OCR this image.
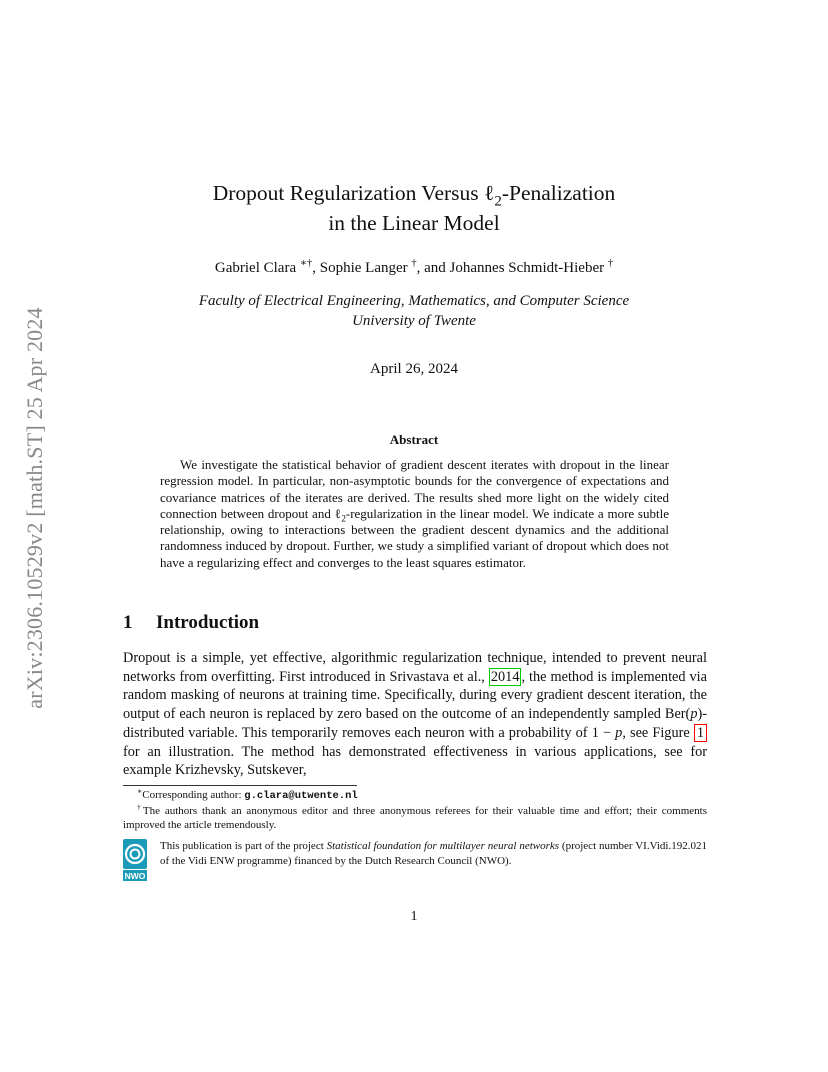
arXiv:2306.10529v2 [math.ST] 25 Apr 2024
Dropout Regularization Versus ℓ$_2$-Penalization
in the Linear Model
Gabriel Clara ∗†, Sophie Langer †, and Johannes Schmidt-Hieber †
Faculty of Electrical Engineering, Mathematics, and Computer Science
University of Twente
April 26, 2024
Abstract
We investigate the statistical behavior of gradient descent iterates with dropout in the linear regression model. In particular, non-asymptotic bounds for the convergence of expectations and covariance matrices of the iterates are derived. The results shed more light on the widely cited connection between dropout and ℓ$_2$-regularization in the linear model. We indicate a more subtle relationship, owing to interactions between the gradient descent dynamics and the additional randomness induced by dropout. Further, we study a simplified variant of dropout which does not have a regularizing effect and converges to the least squares estimator.
1 Introduction
Dropout is a simple, yet effective, algorithmic regularization technique, intended to prevent neural networks from overfitting. First introduced in Srivastava et al., 2014 , the method is implemented via random masking of neurons at training time. Specifically, during every gradient descent iteration, the output of each neuron is replaced by zero based on the outcome of an independently sampled Ber(p)-distributed variable. This temporarily removes each neuron with a probability of 1 − p, see Figure 1 for an illustration. The method has demonstrated effectiveness in various applications, see for example Krizhevsky, Sutskever,
∗Corresponding author: g.clara@utwente.nl
†The authors thank an anonymous editor and three anonymous referees for their valuable time and effort; their comments improved the article tremendously.
NWO
This publication is part of the project Statistical foundation for multilayer neural networks (project number VI.Vidi.192.021 of the Vidi ENW programme) financed by the Dutch Research Council (NWO).
1
